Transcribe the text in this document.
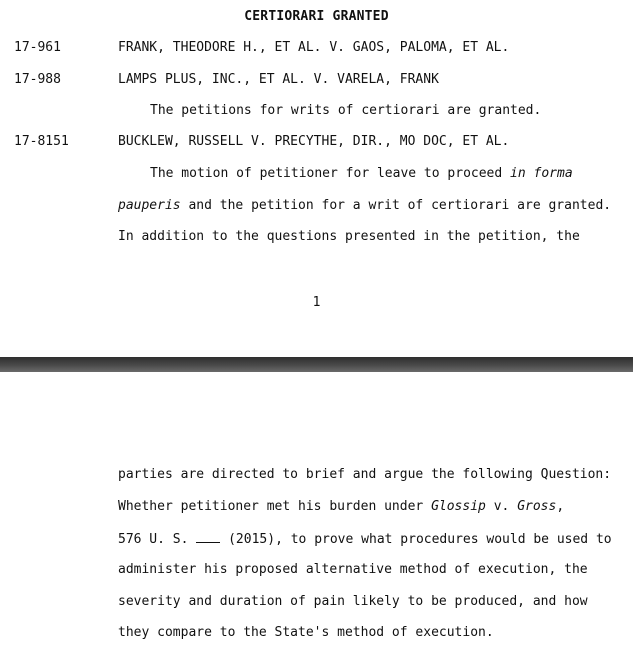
CERTIORARI GRANTED
17-961	FRANK, THEODORE H., ET AL. V. GAOS, PALOMA, ET AL.
17-988	LAMPS PLUS, INC., ET AL. V. VARELA, FRANK
The petitions for writs of certiorari are granted.
17-8151	BUCKLEW, RUSSELL V. PRECYTHE, DIR., MO DOC, ET AL.
The motion of petitioner for leave to proceed in forma
pauperis and the petition for a writ of certiorari are granted.
In addition to the questions presented in the petition, the
1
parties are directed to brief and argue the following Question:
Whether petitioner met his burden under Glossip v. Gross,
576 U. S.  (2015), to prove what procedures would be used to
administer his proposed alternative method of execution, the
severity and duration of pain likely to be produced, and how
they compare to the State's method of execution.
